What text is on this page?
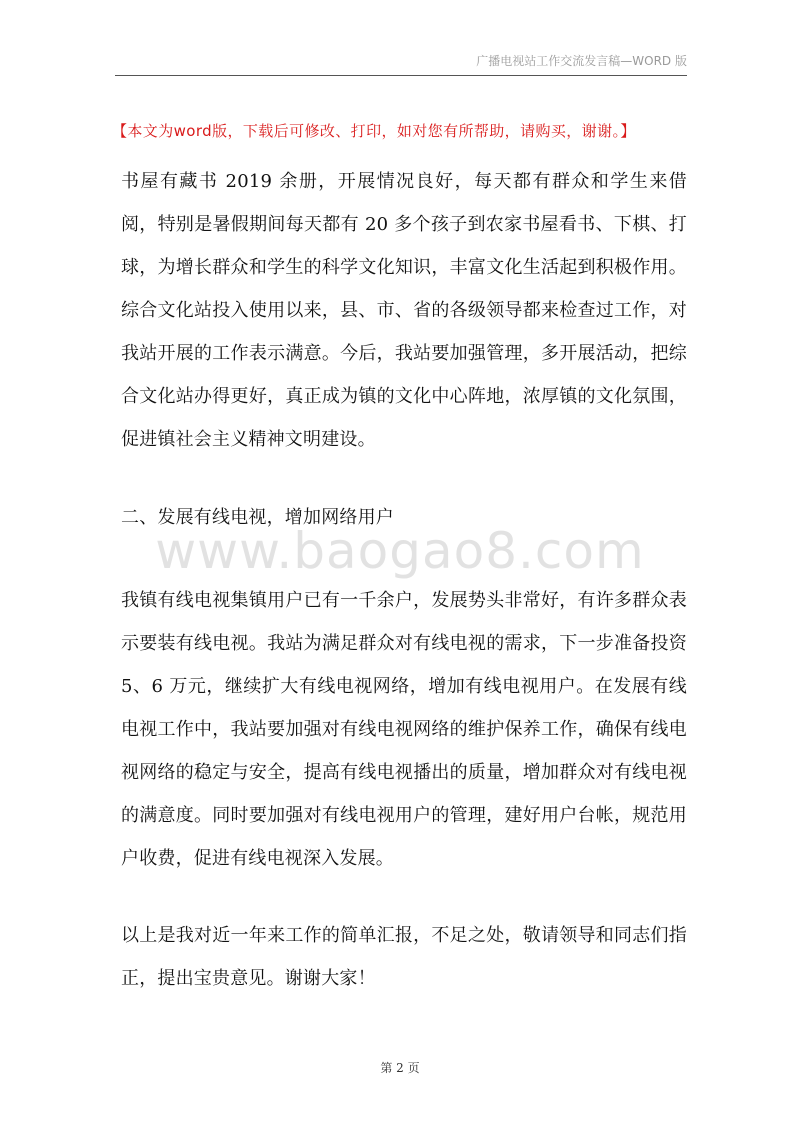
广播电视站工作交流发言稿—WORD 版
【本文为word版，下载后可修改、打印，如对您有所帮助，请购买，谢谢。】
书屋有藏书 2019 余册，开展情况良好，每天都有群众和学生来借阅，特别是暑假期间每天都有 20 多个孩子到农家书屋看书、下棋、打球，为增长群众和学生的科学文化知识，丰富文化生活起到积极作用。综合文化站投入使用以来，县、市、省的各级领导都来检查过工作，对我站开展的工作表示满意。今后，我站要加强管理，多开展活动，把综合文化站办得更好，真正成为镇的文化中心阵地，浓厚镇的文化氛围，促进镇社会主义精神文明建设。
二、发展有线电视，增加网络用户
www.baogao8.com
我镇有线电视集镇用户已有一千余户，发展势头非常好，有许多群众表示要装有线电视。我站为满足群众对有线电视的需求，下一步准备投资 5、6 万元，继续扩大有线电视网络，增加有线电视用户。在发展有线电视工作中，我站要加强对有线电视网络的维护保养工作，确保有线电视网络的稳定与安全，提高有线电视播出的质量，增加群众对有线电视的满意度。同时要加强对有线电视用户的管理，建好用户台帐，规范用户收费，促进有线电视深入发展。
以上是我对近一年来工作的简单汇报，不足之处，敬请领导和同志们指正，提出宝贵意见。谢谢大家！
第 2 页
